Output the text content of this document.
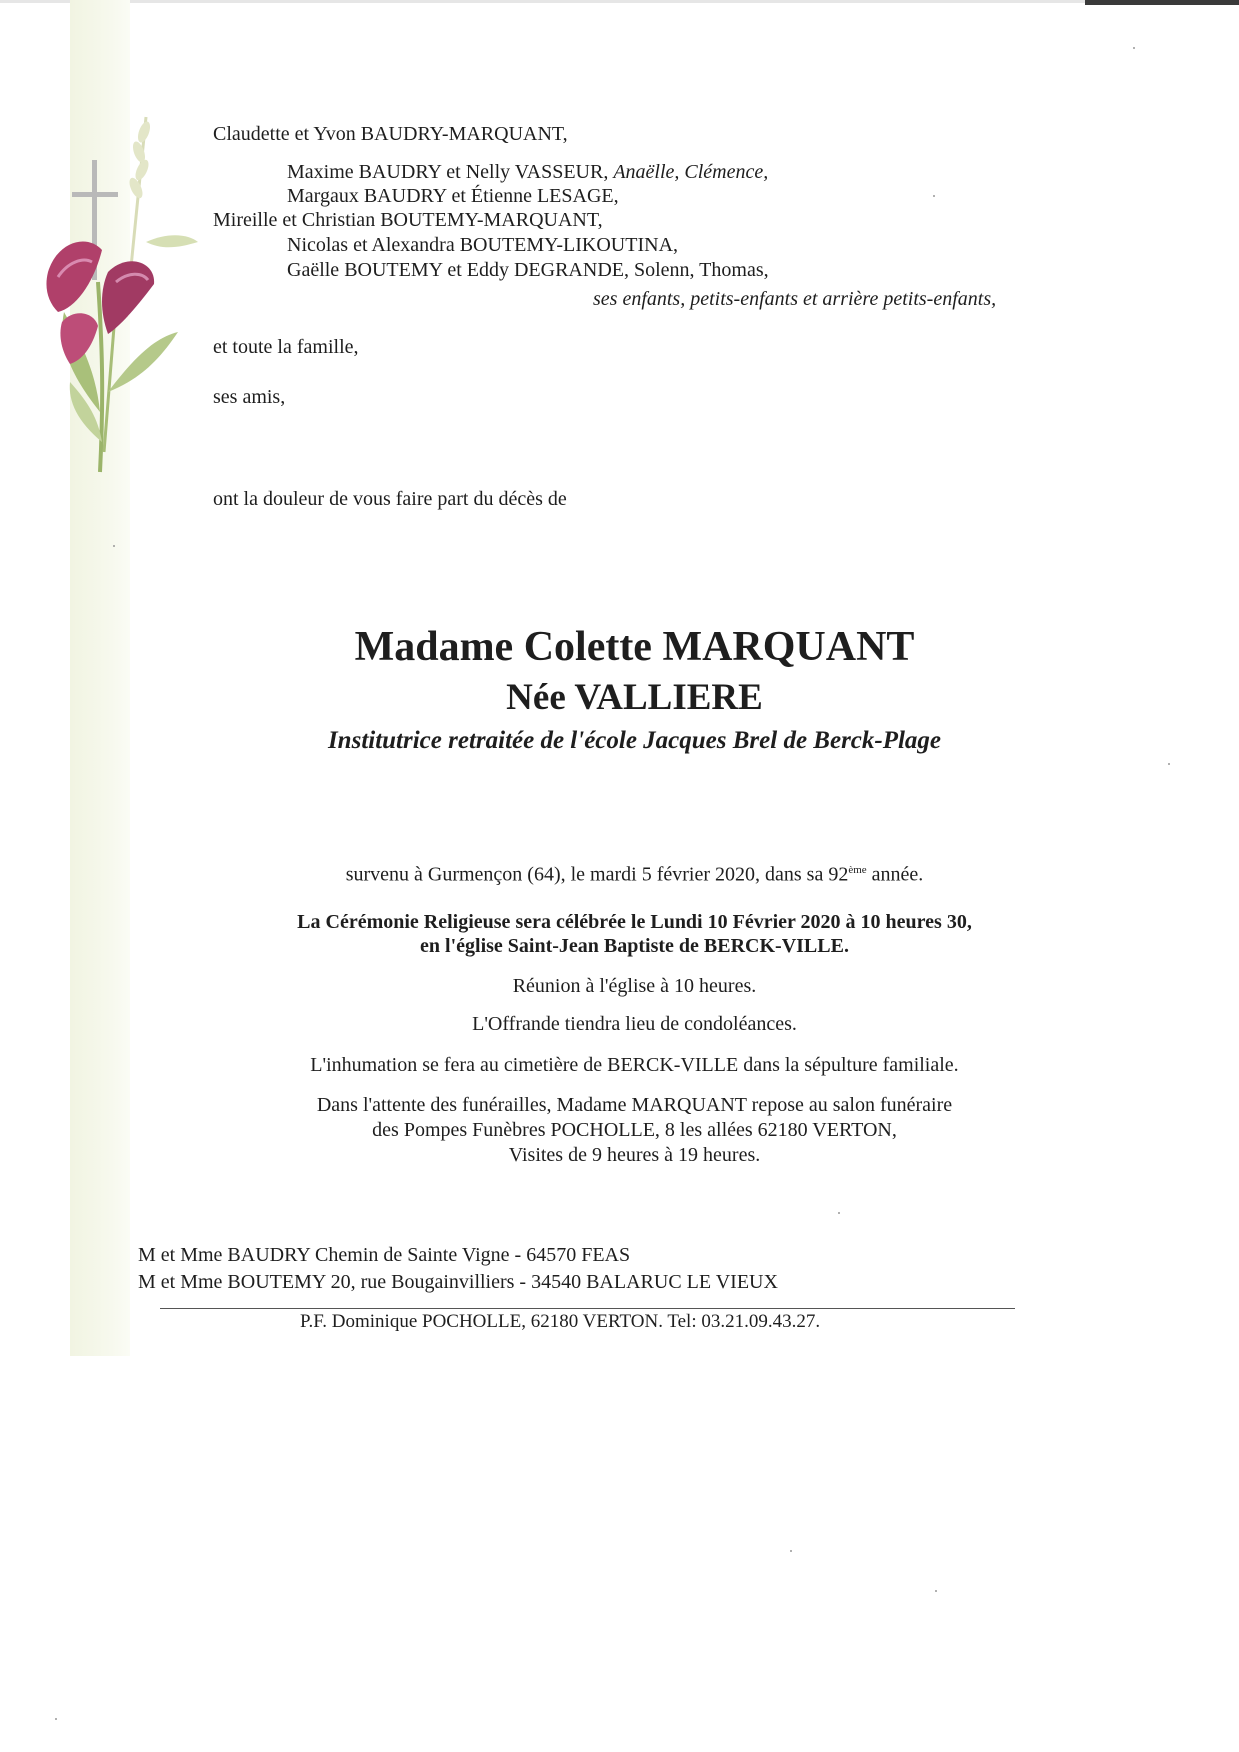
Claudette et Yvon BAUDRY-MARQUANT,

Maxime BAUDRY et Nelly VASSEUR, Anaëlle, Clémence,

Margaux BAUDRY et Étienne LESAGE,

Mireille et Christian BOUTEMY-MARQUANT,

Nicolas et Alexandra BOUTEMY-LIKOUTINA,

Gaëlle BOUTEMY et Eddy DEGRANDE, Solenn, Thomas,

ses enfants, petits-enfants et arrière petits-enfants,

et toute la famille,

ses amis,

ont la douleur de vous faire part du décès de

Madame Colette MARQUANT

Née VALLIERE

Institutrice retraitée de l'école Jacques Brel de Berck-Plage

survenu à Gurmençon (64), le mardi 5 février 2020, dans sa 92ème année.

La Cérémonie Religieuse sera célébrée le Lundi 10 Février 2020 à 10 heures 30,

en l'église Saint-Jean Baptiste de BERCK-VILLE.

Réunion à l'église à 10 heures.

L'Offrande tiendra lieu de condoléances.

L'inhumation se fera au cimetière de BERCK-VILLE dans la sépulture familiale.

Dans l'attente des funérailles, Madame MARQUANT repose au salon funéraire

des Pompes Funèbres POCHOLLE, 8 les allées 62180 VERTON,

Visites de 9 heures à 19 heures.

M et Mme BAUDRY Chemin de Sainte Vigne - 64570 FEAS

M et Mme BOUTEMY 20, rue Bougainvilliers - 34540 BALARUC LE VIEUX

P.F. Dominique POCHOLLE, 62180 VERTON. Tel: 03.21.09.43.27.
